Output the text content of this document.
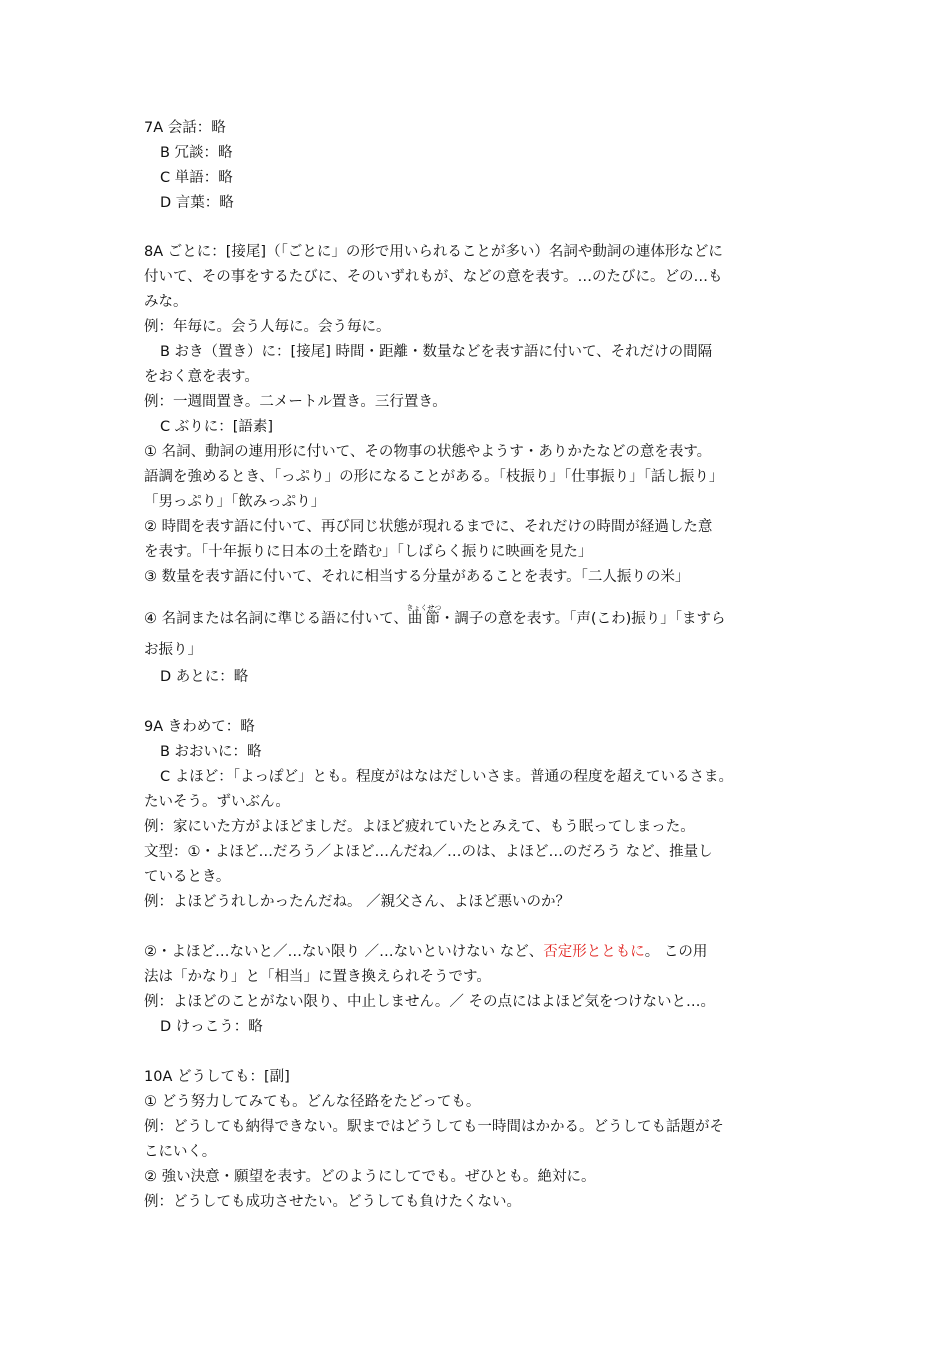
7A 会話：略
B 冗談：略
C 単語：略
D 言葉：略
8A ごとに：[接尾]（「ごとに」の形で用いられることが多い）名詞や動詞の連体形などに
付いて、その事をするたびに、そのいずれもが、などの意を表す。…のたびに。どの…も
みな。
例：年毎に。会う人毎に。会う毎に。
B おき（置き）に：[接尾] 時間・距離・数量などを表す語に付いて、それだけの間隔
をおく意を表す。
例：一週間置き。二メートル置き。三行置き。
C ぶりに：[語素]
① 名詞、動詞の連用形に付いて、その物事の状態やようす・ありかたなどの意を表す。
語調を強めるとき、「っぷり」の形になることがある。「枝振り」「仕事振り」「話し振り」
「男っぷり」「飲みっぷり」
② 時間を表す語に付いて、再び同じ状態が現れるまでに、それだけの時間が経過した意
を表す。「十年振りに日本の土を踏む」「しばらく振りに映画を見た」
③ 数量を表す語に付いて、それに相当する分量があることを表す。「二人振りの米」
④ 名詞または名詞に準じる語に付いて、曲節きょくせつ・調子の意を表す。「声(こわ)振り」「ますら
お振り」
D あとに：略
9A きわめて：略
B おおいに：略
C よほど：「よっぽど」とも。程度がはなはだしいさま。普通の程度を超えているさま。
たいそう。ずいぶん。
例：家にいた方がよほどましだ。よほど疲れていたとみえて、もう眠ってしまった。
文型：①・よほど…だろう／よほど…んだね／…のは、よほど…のだろう など、推量し
ているとき。
例：よほどうれしかったんだね。 ／親父さん、よほど悪いのか？
②・よほど…ないと／…ない限り ／…ないといけない など、否定形とともに。 この用
法は「かなり」と「相当」に置き換えられそうです。
例：よほどのことがない限り、中止しません。／ その点にはよほど気をつけないと…。
D けっこう：略
10A どうしても：[副]
① どう努力してみても。どんな径路をたどっても。
例：どうしても納得できない。駅まではどうしても一時間はかかる。どうしても話題がそ
こにいく。
② 強い決意・願望を表す。どのようにしてでも。ぜひとも。絶対に。
例：どうしても成功させたい。どうしても負けたくない。
